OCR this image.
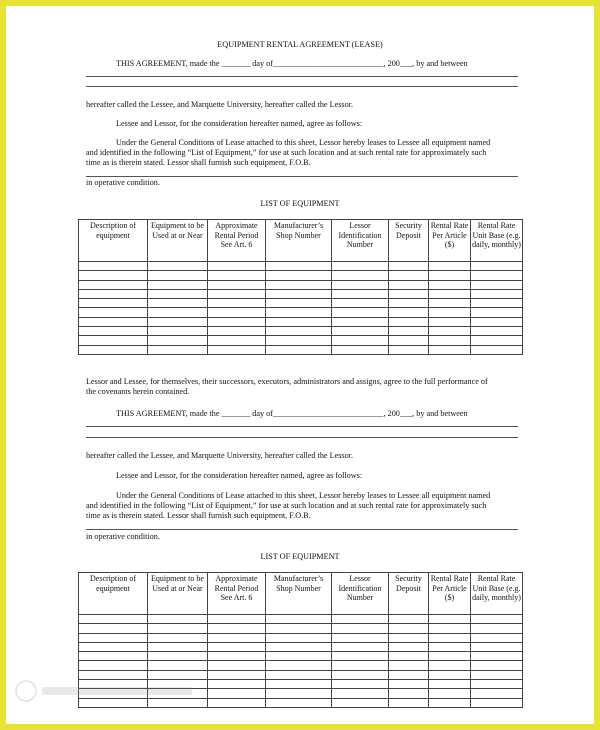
EQUIPMENT RENTAL AGREEMENT (LEASE)
THIS AGREEMENT, made the _______ day of___________________________, 200___, by and between
hereafter called the Lessee, and Marquette University, hereafter called the Lessor.
Lessee and Lessor, for the consideration hereafter named, agree as follows:
Under the General Conditions of Lease attached to this sheet, Lessor hereby leases to Lessee all equipment named
and identified in the following “List of Equipment,” for use at such location and at such rental rate for approximately such
time as is therein stated. Lessor shall furnish such equipment, F.O.B.
in operative condition.
LIST OF EQUIPMENT
Description of equipment	Equipment to be Used at or Near	Approximate Rental Period See Art. 6	Manufacturer’s Shop Number	Lessor Identification Number	Security Deposit	Rental Rate Per Article ($)	Rental Rate Unit Base (e.g. daily, monthly)

Lessor and Lessee, for themselves, their successors, executors, administrators and assigns, agree to the full performance of
the covenants herein contained.
THIS AGREEMENT, made the _______ day of___________________________, 200___, by and between
hereafter called the Lessee, and Marquette University, hereafter called the Lessor.
Lessee and Lessor, for the consideration hereafter named, agree as follows:
Under the General Conditions of Lease attached to this sheet, Lessor hereby leases to Lessee all equipment named
and identified in the following “List of Equipment,” for use at such location and at such rental rate for approximately such
time as is therein stated. Lessor shall furnish such equipment, F.O.B.
in operative condition.
LIST OF EQUIPMENT
Description of equipment	Equipment to be Used at or Near	Approximate Rental Period See Art. 6	Manufacturer’s Shop Number	Lessor Identification Number	Security Deposit	Rental Rate Per Article ($)	Rental Rate Unit Base (e.g. daily, monthly)
